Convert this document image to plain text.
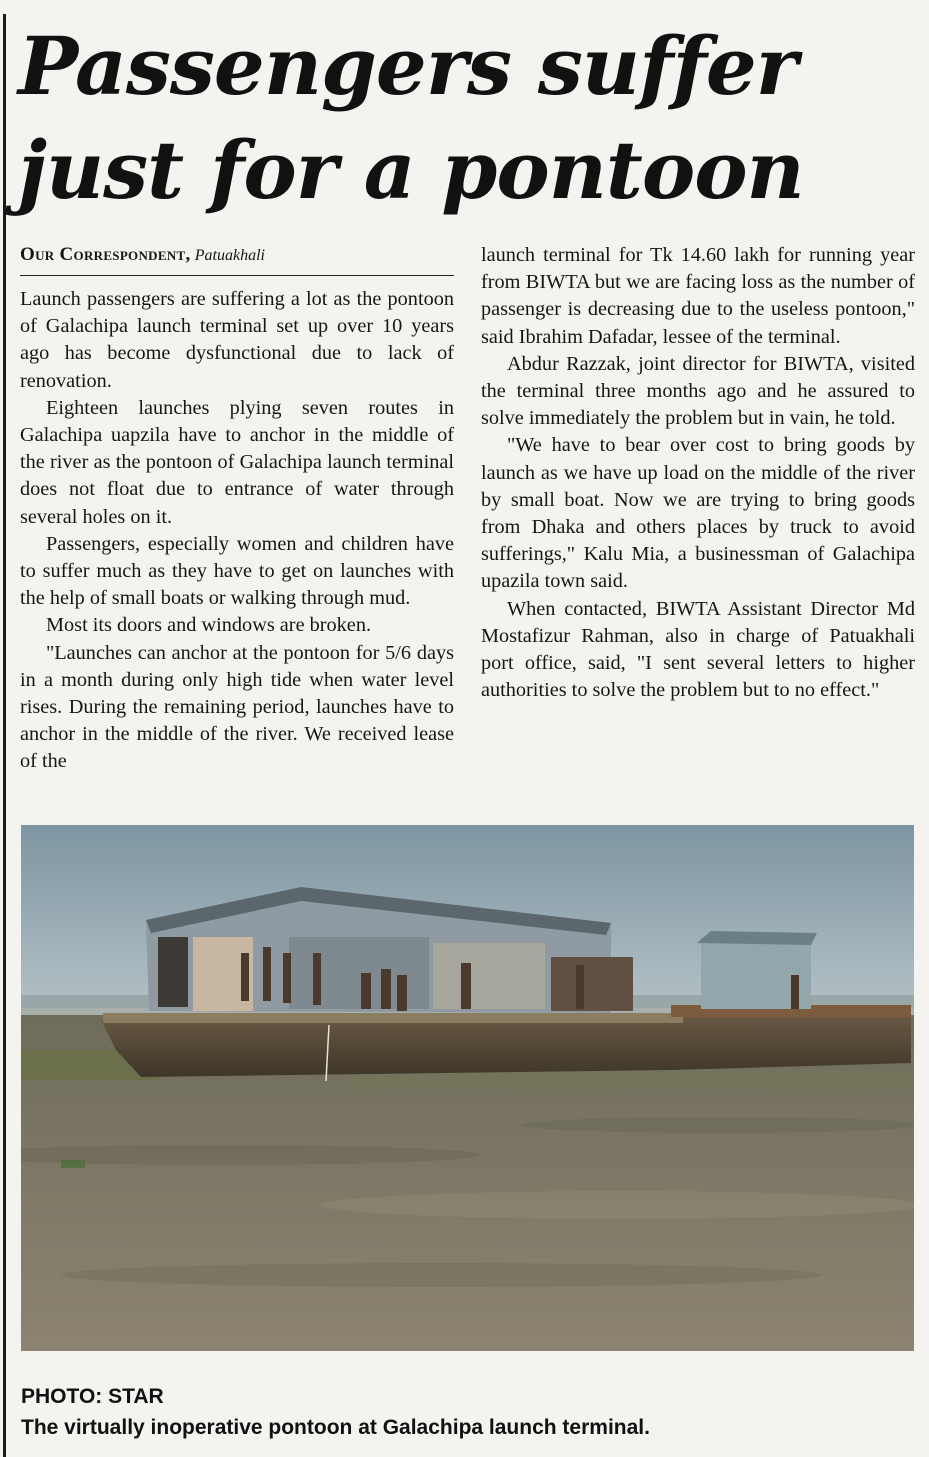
Passengers suffer just for a pontoon
Our Correspondent, Patuakhali

Launch passengers are suffering a lot as the pontoon of Galachipa launch terminal set up over 10 years ago has become dysfunctional due to lack of renovation.

Eighteen launches plying seven routes in Galachipa uapzila have to anchor in the middle of the river as the pontoon of Galachipa launch terminal does not float due to entrance of water through several holes on it.

Passengers, especially women and children have to suffer much as they have to get on launches with the help of small boats or walking through mud.

Most its doors and windows are broken.

"Launches can anchor at the pontoon for 5/6 days in a month during only high tide when water level rises. During the remaining period, launches have to anchor in the middle of the river. We received lease of the

launch terminal for Tk 14.60 lakh for running year from BIWTA but we are facing loss as the number of passenger is decreasing due to the useless pontoon," said Ibrahim Dafadar, lessee of the terminal.

Abdur Razzak, joint director for BIWTA, visited the terminal three months ago and he assured to solve immediately the problem but in vain, he told.

"We have to bear over cost to bring goods by launch as we have up load on the middle of the river by small boat. Now we are trying to bring goods from Dhaka and others places by truck to avoid sufferings," Kalu Mia, a businessman of Galachipa upazila town said.

When contacted, BIWTA Assistant Director Md Mostafizur Rahman, also in charge of Patuakhali port office, said, "I sent several letters to higher authorities to solve the problem but to no effect."

PHOTO: STAR
The virtually inoperative pontoon at Galachipa launch terminal.
